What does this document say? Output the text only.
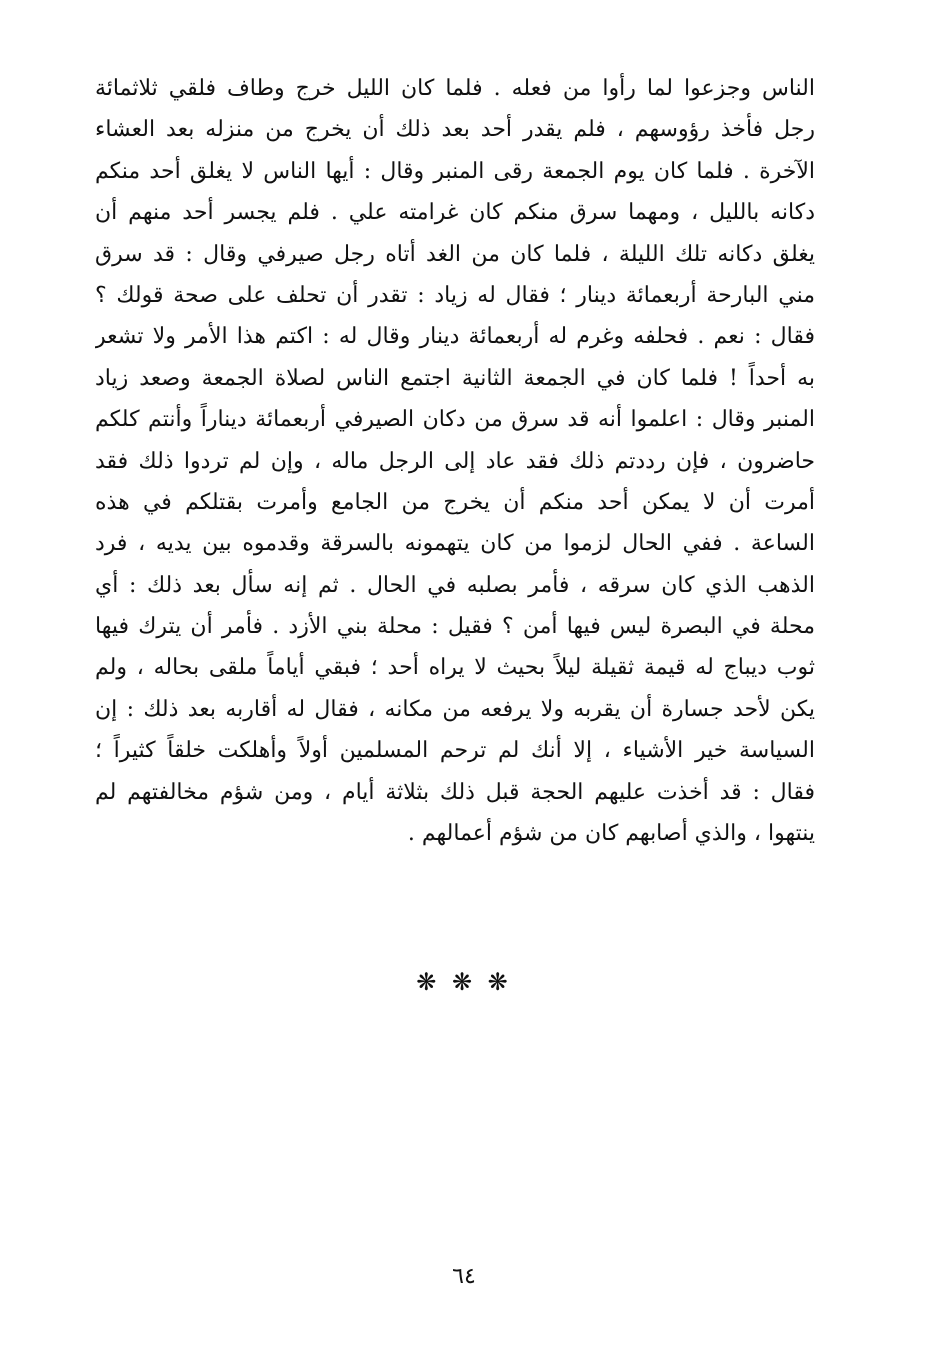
الناس وجزعوا لما رأوا من فعله . فلما كان الليل خرج وطاف فلقي ثلاثمائة
رجل فأخذ رؤوسهم ، فلم يقدر أحد بعد ذلك أن يخرج من منزله بعد العشاء
الآخرة . فلما كان يوم الجمعة رقى المنبر وقال : أيها الناس لا يغلق أحد منكم
دكانه بالليل ، ومهما سرق منكم كان غرامته علي . فلم يجسر أحد منهم أن
يغلق دكانه تلك الليلة ، فلما كان من الغد أتاه رجل صيرفي وقال : قد سرق
مني البارحة أربعمائة دينار ؛ فقال له زياد : تقدر أن تحلف على صحة قولك ؟
فقال : نعم . فحلفه وغرم له أربعمائة دينار وقال له : اكتم هذا الأمر ولا تشعر
به أحداً ! فلما كان في الجمعة الثانية اجتمع الناس لصلاة الجمعة وصعد زياد
المنبر وقال : اعلموا أنه قد سرق من دكان الصيرفي أربعمائة ديناراً وأنتم كلكم
حاضرون ، فإن رددتم ذلك فقد عاد إلى الرجل ماله ، وإن لم تردوا ذلك فقد
أمرت أن لا يمكن أحد منكم أن يخرج من الجامع وأمرت بقتلكم في هذه
الساعة . ففي الحال لزموا من كان يتهمونه بالسرقة وقدموه بين يديه ، فرد
الذهب الذي كان سرقه ، فأمر بصلبه في الحال . ثم إنه سأل بعد ذلك : أي
محلة في البصرة ليس فيها أمن ؟ فقيل : محلة بني الأزد . فأمر أن يترك فيها
ثوب ديباج له قيمة ثقيلة ليلاً بحيث لا يراه أحد ؛ فبقي أياماً ملقى بحاله ، ولم
يكن لأحد جسارة أن يقربه ولا يرفعه من مكانه ، فقال له أقاربه بعد ذلك : إن
السياسة خير الأشياء ، إلا أنك لم ترحم المسلمين أولاً وأهلكت خلقاً كثيراً ؛
فقال : قد أخذت عليهم الحجة قبل ذلك بثلاثة أيام ، ومن شؤم مخالفتهم لم
ينتهوا ، والذي أصابهم كان من شؤم أعمالهم .
❋ ❋ ❋
٦٤
